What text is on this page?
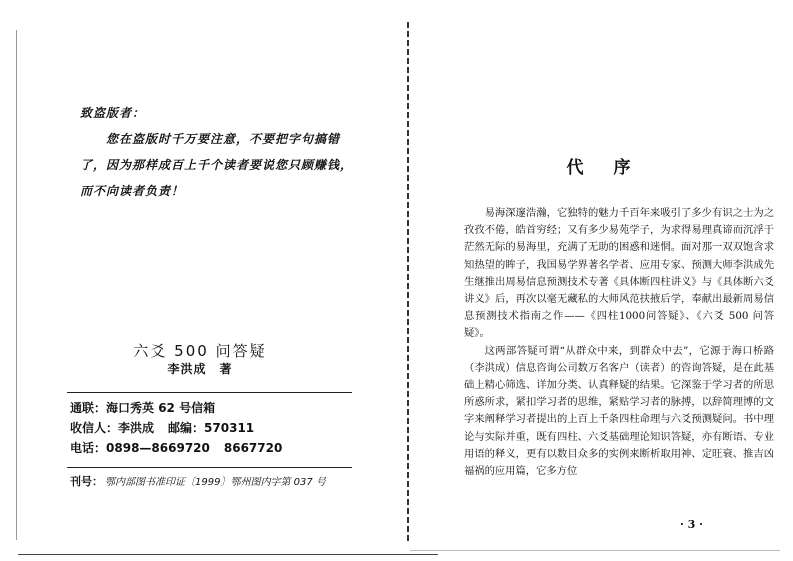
致盗版者：

您在盗版时千万要注意，不要把字句搞错了，因为那样成百上千个读者要说您只顾赚钱，而不向读者负责！

六爻 500 问答疑
李洪成　著
通联：海口秀英 62 号信箱
收信人：李洪成 邮编：570311
电话：0898—8669720 8667720
刊号： 鄂内部图书准印证〔1999〕鄂州图内字第 037 号
代序

易海深邃浩瀚，它独特的魅力千百年来吸引了多少有识之士为之孜孜不倦，皓首穷经；又有多少易苑学子，为求得易理真谛而沉浮于茫然无际的易海里，充满了无助的困惑和迷惘。面对那一双双饱含求知热望的眸子，我国易学界著名学者、应用专家、预测大师李洪成先生继推出周易信息预测技术专著《具体断四柱讲义》与《具体断六爻讲义》后，再次以毫无藏私的大师风范扶掖后学，奉献出最新周易信息预测技术指南之作——《四柱1000问答疑》、《六爻 500 问答疑》。

这两部答疑可谓“从群众中来，到群众中去”，它源于海口桥路（李洪成）信息咨询公司数万名客户（读者）的咨询答疑，是在此基础上精心筛选、详加分类、认真释疑的结果。它深鉴于学习者的所思所惑所求，紧扣学习者的思维，紧贴学习者的脉搏，以辞简理博的文字来阐释学习者提出的上百上千条四柱命理与六爻预测疑问。书中理论与实际并重，既有四柱、六爻基础理论知识答疑，亦有断语、专业用语的释义，更有以数目众多的实例来断析取用神、定旺衰、推吉凶福祸的应用篇，它多方位

· 3 ·
